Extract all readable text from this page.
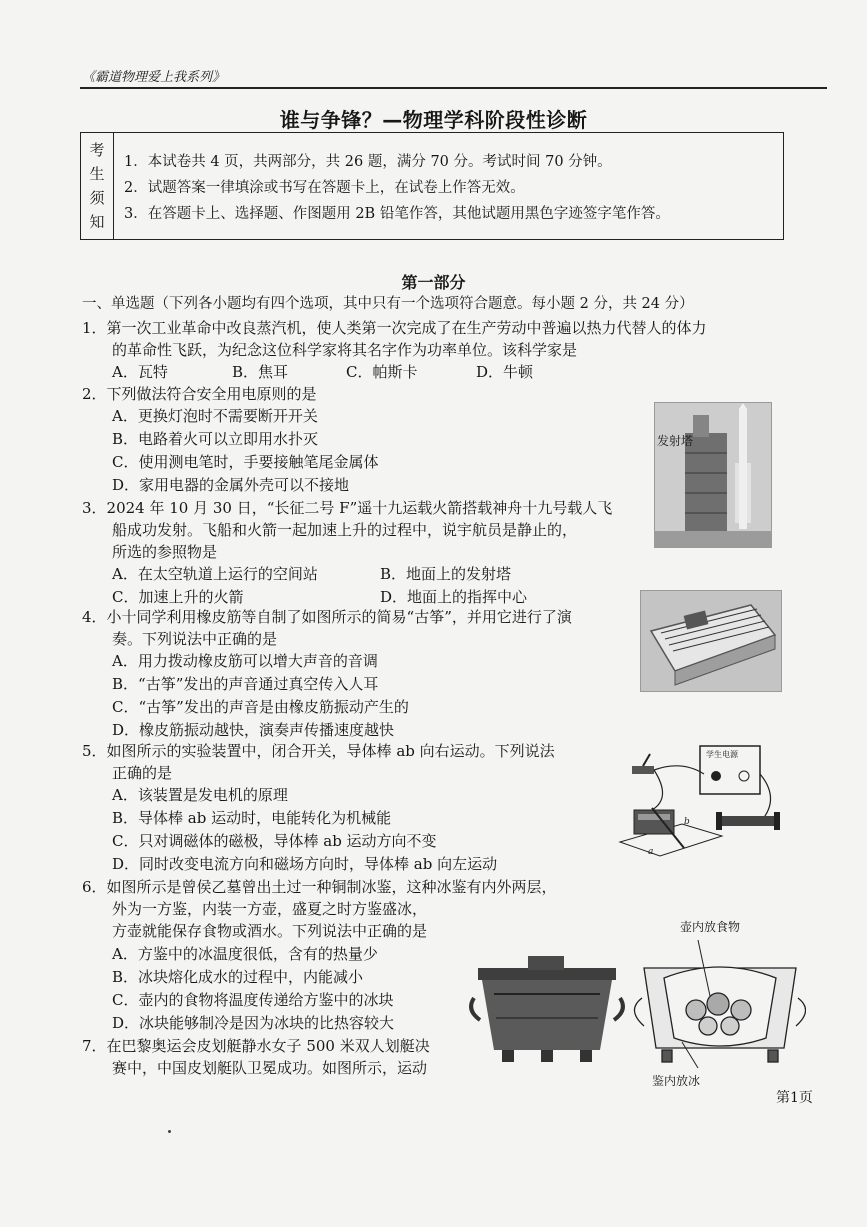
《霸道物理爱上我系列》
谁与争锋？—物理学科阶段性诊断
考
生
须
知
1．本试卷共 4 页，共两部分，共 26 题，满分 70 分。考试时间 70 分钟。
2．试题答案一律填涂或书写在答题卡上，在试卷上作答无效。
3．在答题卡上、选择题、作图题用 2B 铅笔作答，其他试题用黑色字迹签字笔作答。
第一部分
一、单选题（下列各小题均有四个选项，其中只有一个选项符合题意。每小题 2 分，共 24 分）
1．第一次工业革命中改良蒸汽机，使人类第一次完成了在生产劳动中普遍以热力代替人的体力
的革命性飞跃，为纪念这位科学家将其名字作为功率单位。该科学家是
A．瓦特	B．焦耳	C．帕斯卡	D．牛顿
2．下列做法符合安全用电原则的是
A．更换灯泡时不需要断开开关
B．电路着火可以立即用水扑灭
C．使用测电笔时，手要接触笔尾金属体
D．家用电器的金属外壳可以不接地
发射塔
3．2024 年 10 月 30 日，“长征二号 F”遥十九运载火箭搭载神舟十九号载人飞
船成功发射。飞船和火箭一起加速上升的过程中，说宇航员是静止的，
所选的参照物是
A．在太空轨道上运行的空间站	B．地面上的发射塔
C．加速上升的火箭	D．地面上的指挥中心
4．小十同学利用橡皮筋等自制了如图所示的简易“古筝”，并用它进行了演
奏。下列说法中正确的是
A．用力拨动橡皮筋可以增大声音的音调
B．“古筝”发出的声音通过真空传入人耳
C．“古筝”发出的声音是由橡皮筋振动产生的
D．橡皮筋振动越快，演奏声传播速度越快
b
a
学生电源
5．如图所示的实验装置中，闭合开关，导体棒 ab 向右运动。下列说法
正确的是
A．该装置是发电机的原理
B．导体棒 ab 运动时，电能转化为机械能
C．只对调磁体的磁极，导体棒 ab 运动方向不变
D．同时改变电流方向和磁场方向时，导体棒 ab 向左运动
6．如图所示是曾侯乙墓曾出土过一种铜制冰鉴，这种冰鉴有内外两层，
外为一方鉴，内装一方壶，盛夏之时方鉴盛冰，
方壶就能保存食物或酒水。下列说法中正确的是
A．方鉴中的冰温度很低，含有的热量少
B．冰块熔化成水的过程中，内能减小
C．壶内的食物将温度传递给方鉴中的冰块
D．冰块能够制冷是因为冰块的比热容较大
壶内放食物
鉴内放冰
7．在巴黎奥运会皮划艇静水女子 500 米双人划艇决
赛中，中国皮划艇队卫冕成功。如图所示，运动
第1页
